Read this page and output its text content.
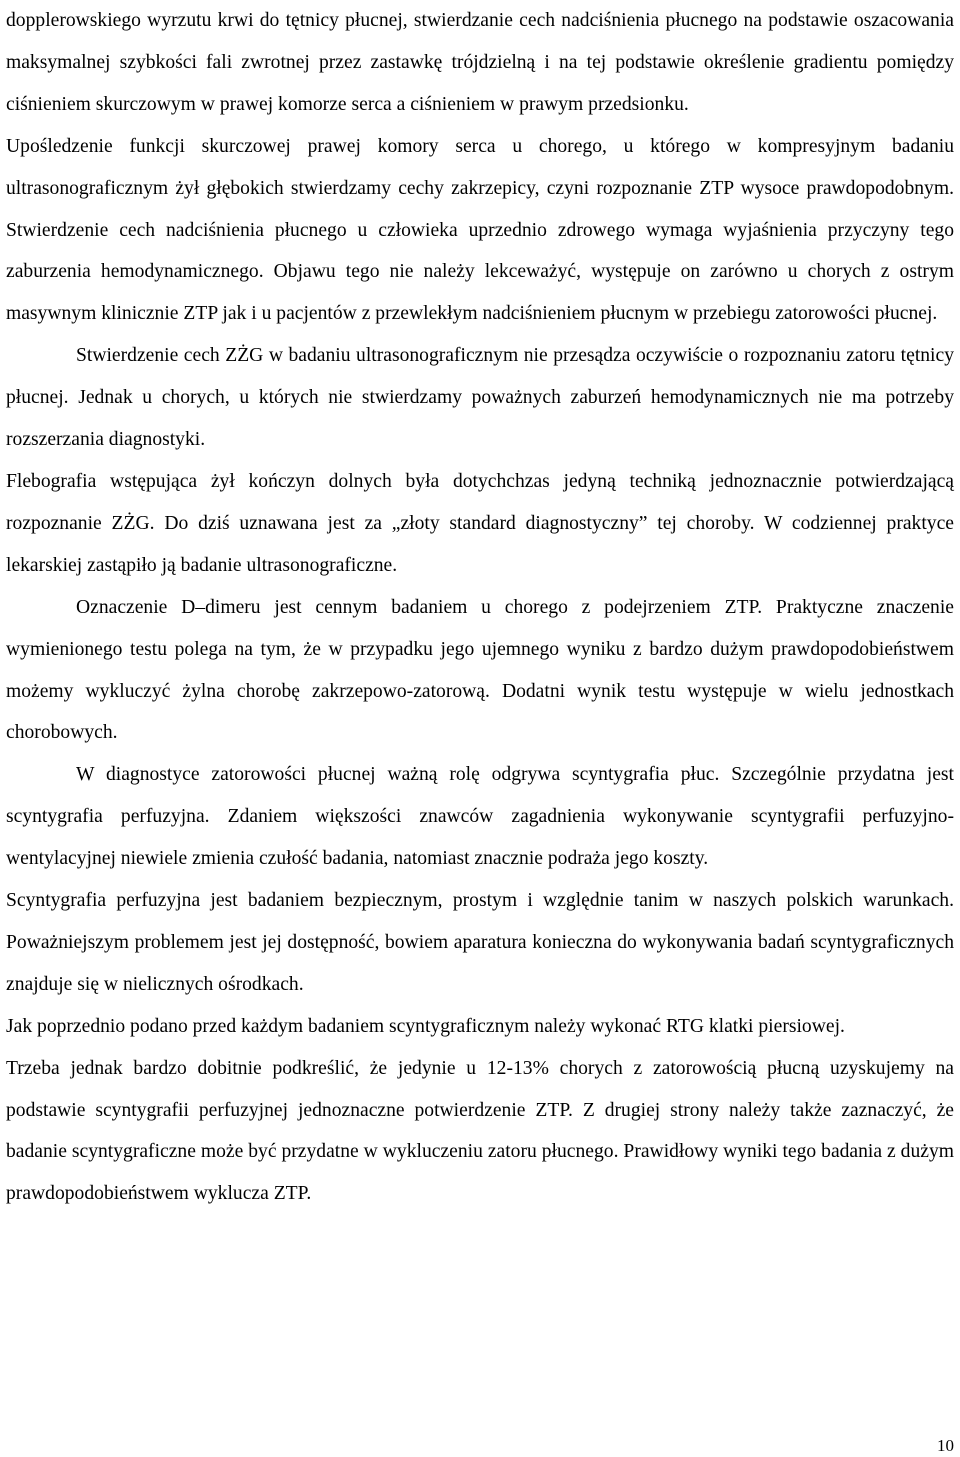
dopplerowskiego wyrzutu krwi do tętnicy płucnej, stwierdzanie cech nadciśnienia płucnego na podstawie oszacowania maksymalnej szybkości fali zwrotnej przez zastawkę trójdzielną i na tej podstawie określenie gradientu pomiędzy ciśnieniem skurczowym w prawej komorze serca a ciśnieniem w prawym przedsionku.

Upośledzenie funkcji skurczowej prawej komory serca u chorego, u którego w kompresyjnym badaniu ultrasonograficznym żył głębokich stwierdzamy cechy zakrzepicy, czyni rozpoznanie ZTP wysoce prawdopodobnym. Stwierdzenie cech nadciśnienia płucnego u człowieka uprzednio zdrowego wymaga wyjaśnienia przyczyny tego zaburzenia hemodynamicznego. Objawu tego nie należy lekceważyć, występuje on zarówno u chorych z ostrym masywnym klinicznie ZTP jak i u pacjentów z przewlekłym nadciśnieniem płucnym w przebiegu zatorowości płucnej.

Stwierdzenie cech ZŻG w badaniu ultrasonograficznym nie przesądza oczywiście o rozpoznaniu zatoru tętnicy płucnej. Jednak u chorych, u których nie stwierdzamy poważnych zaburzeń hemodynamicznych nie ma potrzeby rozszerzania diagnostyki.

Flebografia wstępująca żył kończyn dolnych była dotychchzas jedyną techniką jednoznacznie potwierdzającą rozpoznanie ZŻG. Do dziś uznawana jest za „złoty standard diagnostyczny” tej choroby. W codziennej praktyce lekarskiej zastąpiło ją badanie ultrasonograficzne.

Oznaczenie D–dimeru jest cennym badaniem u chorego z podejrzeniem ZTP. Praktyczne znaczenie wymienionego testu polega na tym, że w przypadku jego ujemnego wyniku z bardzo dużym prawdopodobieństwem możemy wykluczyć żylna chorobę zakrzepowo-zatorową. Dodatni wynik testu występuje w wielu jednostkach chorobowych.

W diagnostyce zatorowości płucnej ważną rolę odgrywa scyntygrafia płuc. Szczególnie przydatna jest scyntygrafia perfuzyjna. Zdaniem większości znawców zagadnienia wykonywanie scyntygrafii perfuzyjno-wentylacyjnej niewiele zmienia czułość badania, natomiast znacznie podraża jego koszty.

Scyntygrafia perfuzyjna jest badaniem bezpiecznym, prostym i względnie tanim w naszych polskich warunkach. Poważniejszym problemem jest jej dostępność, bowiem aparatura konieczna do wykonywania badań scyntygraficznych znajduje się w nielicznych ośrodkach.

Jak poprzednio podano przed każdym badaniem scyntygraficznym należy wykonać RTG klatki piersiowej.

Trzeba jednak bardzo dobitnie podkreślić, że jedynie u 12-13% chorych z zatorowością płucną uzyskujemy na podstawie scyntygrafii perfuzyjnej jednoznaczne potwierdzenie ZTP. Z drugiej strony należy także zaznaczyć, że badanie scyntygraficzne może być przydatne w wykluczeniu zatoru płucnego. Prawidłowy wyniki tego badania z dużym prawdopodobieństwem wyklucza ZTP.

10
